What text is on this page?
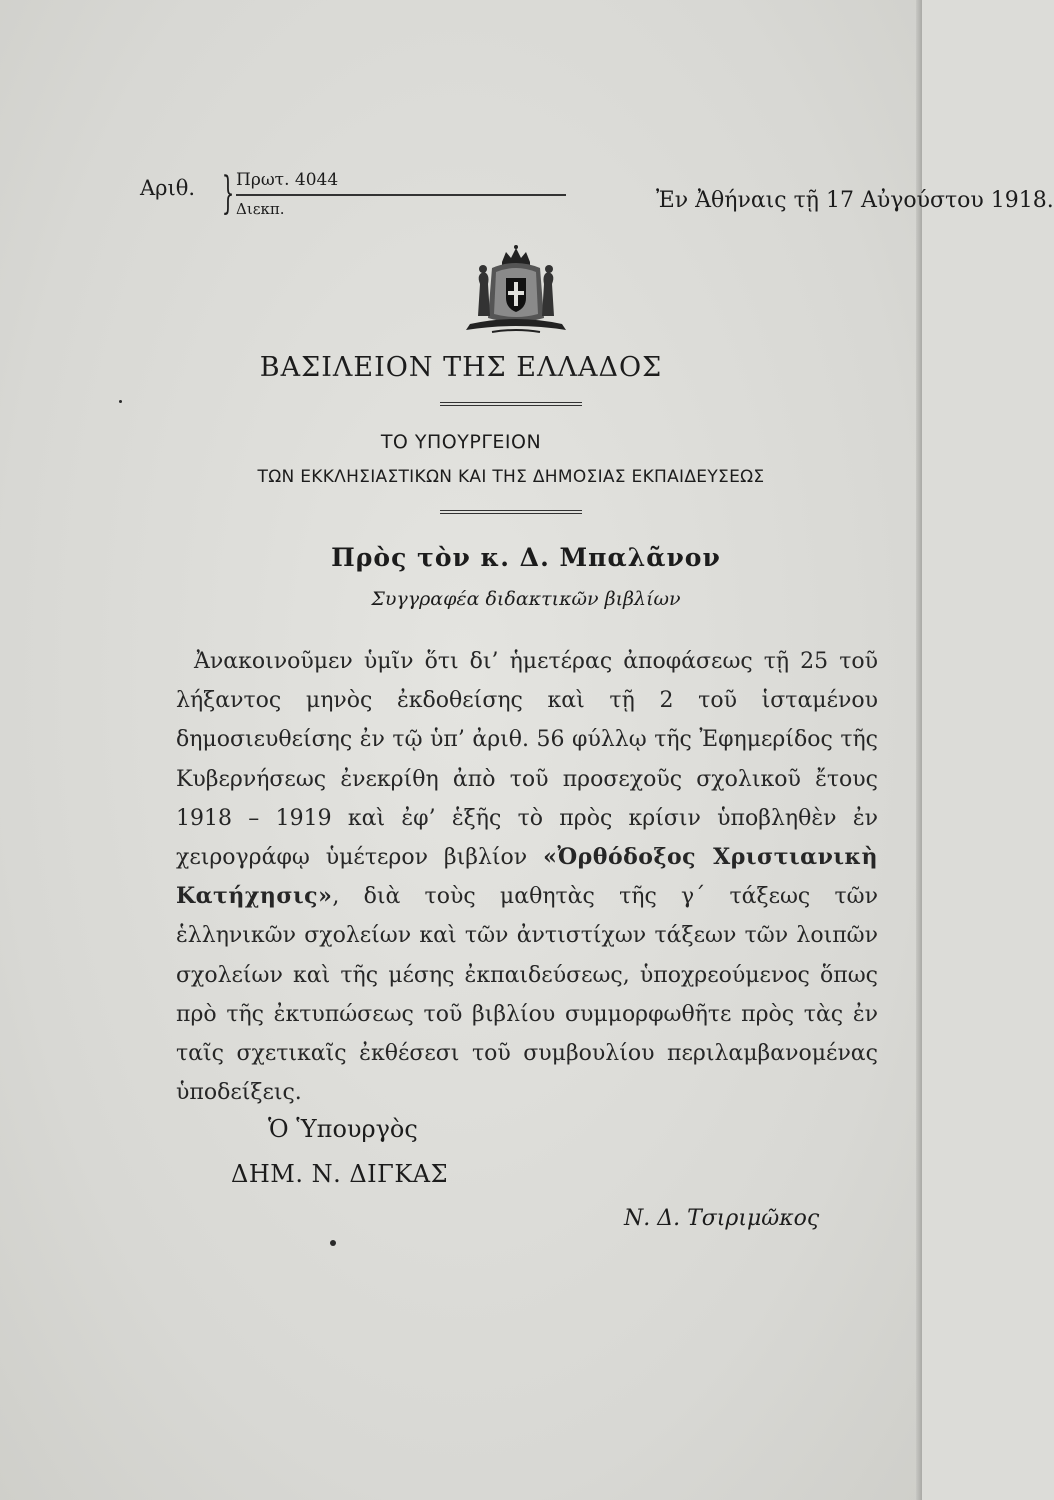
Αριθ. } Πρωτ. 4044
Διεκπ.	Ἐν Ἀθήναις τῇ 17 Αὐγούστου 1918.
ΒΑΣΙΛΕΙΟΝ ΤΗΣ ΕΛΛΑΔΟΣ
ΤΟ ΥΠΟΥΡΓΕΙΟΝ
ΤΩΝ ΕΚΚΛΗΣΙΑΣΤΙΚΩΝ ΚΑΙ ΤΗΣ ΔΗΜΟΣΙΑΣ ΕΚΠΑΙΔΕΥΣΕΩΣ
Πρὸς τὸν κ. Δ. Μπαλᾶνον
Συγγραφέα διδακτικῶν βιβλίων
Ἀνακοινοῦμεν ὑμῖν ὅτι δι’ ἡμετέρας ἀποφάσεως τῇ 25 τοῦ λήξαντος μηνὸς ἐκδοθείσης καὶ τῇ 2 τοῦ ἱσταμένου δημοσιευθείσης ἐν τῷ ὑπ’ ἀριθ. 56 φύλλῳ τῆς Ἐφημερίδος τῆς Κυβερνήσεως ἐνεκρίθη ἀπὸ τοῦ προσεχοῦς σχολικοῦ ἔτους 1918 – 1919 καὶ ἐφ’ ἑξῆς τὸ πρὸς κρίσιν ὑποβληθὲν ἐν χειρογράφῳ ὑμέτερον βιβλίον «Ὀρθόδοξος Χριστιανικὴ Κατήχησις», διὰ τοὺς μαθητὰς τῆς γ΄ τάξεως τῶν ἑλληνικῶν σχολείων καὶ τῶν ἀντιστίχων τάξεων τῶν λοιπῶν σχολείων καὶ τῆς μέσης ἐκπαιδεύσεως, ὑποχρεούμενος ὅπως πρὸ τῆς ἐκτυπώσεως τοῦ βιβλίου συμμορφωθῆτε πρὸς τὰς ἐν ταῖς σχετικαῖς ἐκθέσεσι τοῦ συμβουλίου περιλαμβανομένας ὑποδείξεις.
Ὁ Ὑπουργὸς
ΔΗΜ. Ν. ΔΙΓΚΑΣ
Ν. Δ. Τσιριμῶκος
